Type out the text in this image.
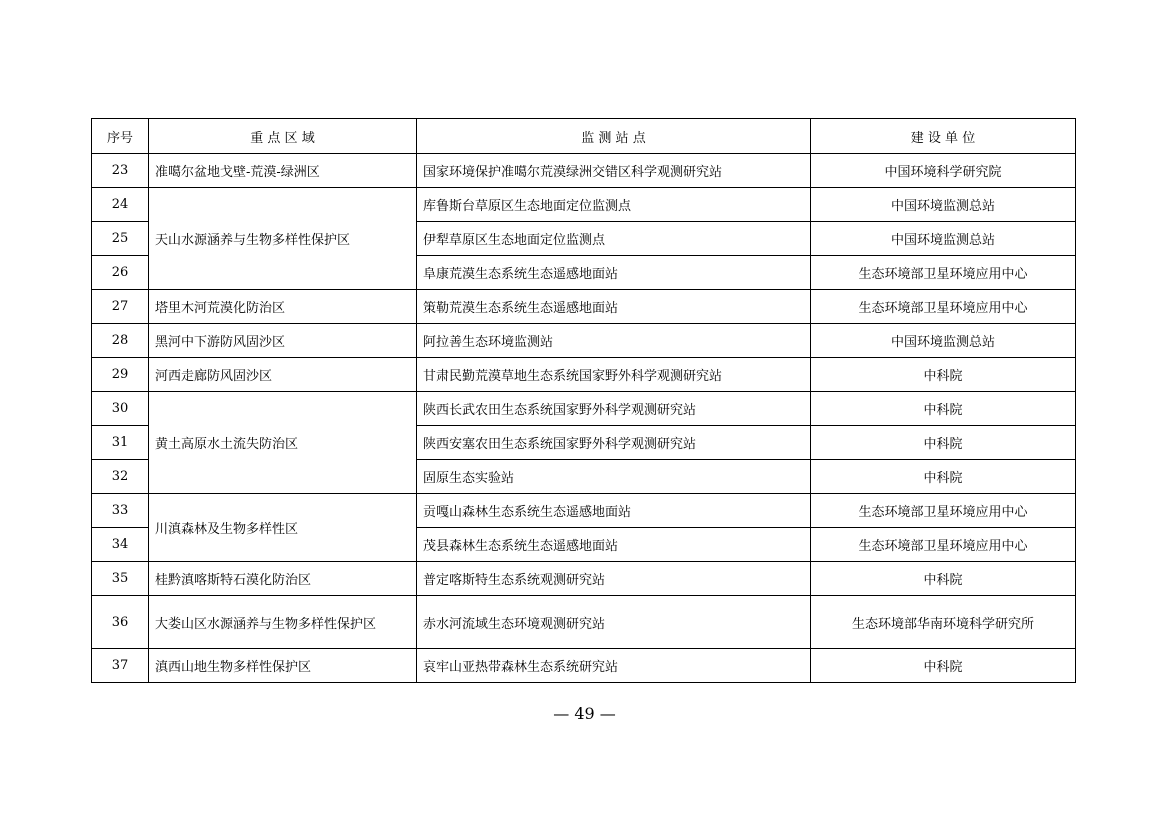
序号	重 点 区 域	监 测 站 点	建 设 单 位
23	准噶尔盆地戈壁-荒漠-绿洲区	国家环境保护准噶尔荒漠绿洲交错区科学观测研究站	中国环境科学研究院
24	天山水源涵养与生物多样性保护区	库鲁斯台草原区生态地面定位监测点	中国环境监测总站
25		伊犁草原区生态地面定位监测点	中国环境监测总站
26		阜康荒漠生态系统生态遥感地面站	生态环境部卫星环境应用中心
27	塔里木河荒漠化防治区	策勒荒漠生态系统生态遥感地面站	生态环境部卫星环境应用中心
28	黑河中下游防风固沙区	阿拉善生态环境监测站	中国环境监测总站
29	河西走廊防风固沙区	甘肃民勤荒漠草地生态系统国家野外科学观测研究站	中科院
30	黄土高原水土流失防治区	陕西长武农田生态系统国家野外科学观测研究站	中科院
31		陕西安塞农田生态系统国家野外科学观测研究站	中科院
32		固原生态实验站	中科院
33	川滇森林及生物多样性区	贡嘎山森林生态系统生态遥感地面站	生态环境部卫星环境应用中心
34		茂县森林生态系统生态遥感地面站	生态环境部卫星环境应用中心
35	桂黔滇喀斯特石漠化防治区	普定喀斯特生态系统观测研究站	中科院
36	大娄山区水源涵养与生物多样性保护区	赤水河流域生态环境观测研究站	生态环境部华南环境科学研究所
37	滇西山地生物多样性保护区	哀牢山亚热带森林生态系统研究站	中科院
— 49 —
